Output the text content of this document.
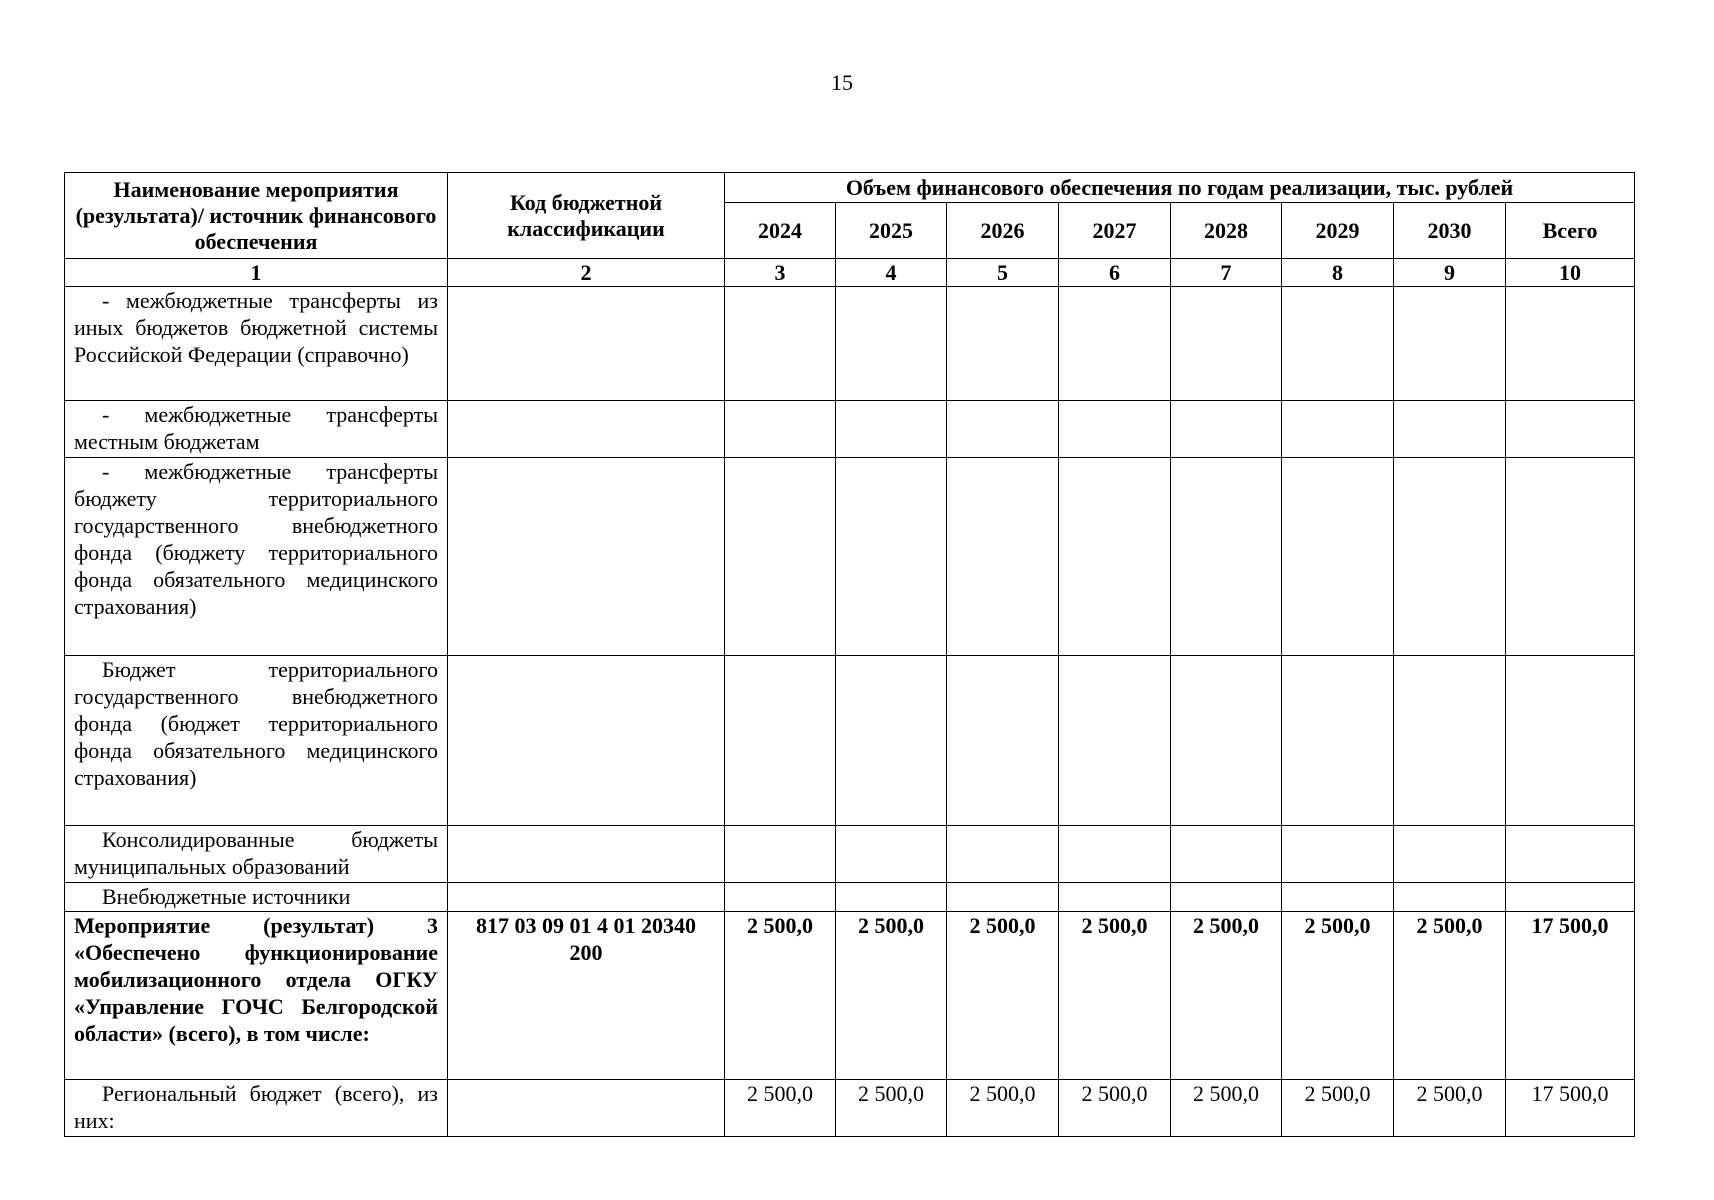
15
Наименование мероприятия (результата)/ источник финансового обеспечения	Код бюджетной классификации	Объем финансового обеспечения по годам реализации, тыс. рублей							
		2024	2025	2026	2027	2028	2029	2030	Всего
1	2	3	4	5	6	7	8	9	10
- межбюджетные трансферты из иных бюджетов бюджетной системы Российской Федерации (справочно)									
- межбюджетные трансферты местным бюджетам									
- межбюджетные трансферты бюджету территориального государственного внебюджетного фонда (бюджету территориального фонда обязательного медицинского страхования)									
Бюджет территориального государственного внебюджетного фонда (бюджет территориального фонда обязательного медицинского страхования)									
Консолидированные бюджеты муниципальных образований									
Внебюджетные источники									
Мероприятие (результат) 3 «Обеспечено функционирование мобилизационного отдела ОГКУ «Управление ГОЧС Белгородской области» (всего), в том числе:	817 03 09 01 4 01 20340 200	2 500,0	2 500,0	2 500,0	2 500,0	2 500,0	2 500,0	2 500,0	17 500,0
Региональный бюджет (всего), из них:		2 500,0	2 500,0	2 500,0	2 500,0	2 500,0	2 500,0	2 500,0	17 500,0
